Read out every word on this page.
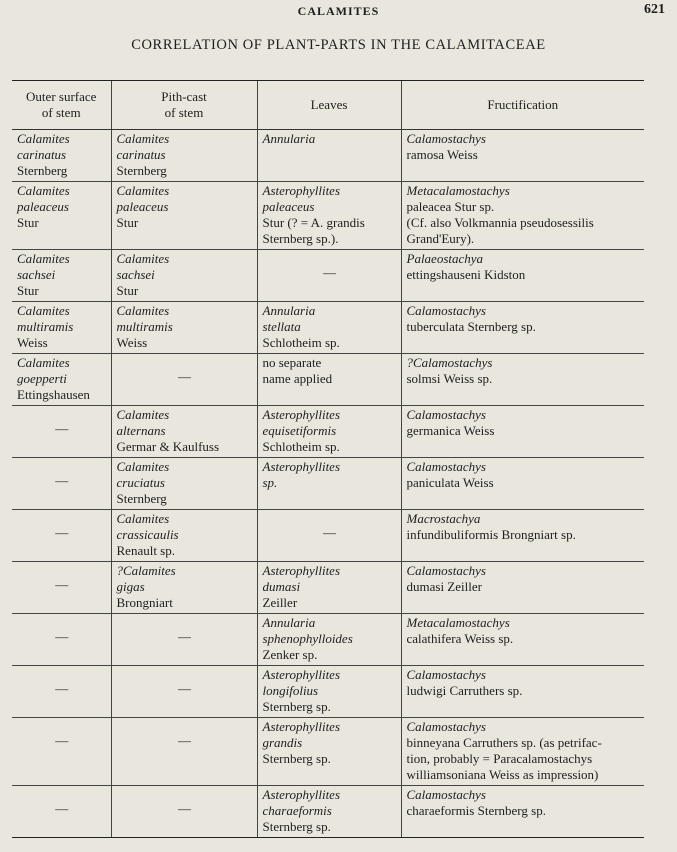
CALAMITES	621
CORRELATION OF PLANT-PARTS IN THE CALAMITACEAE
Outer surface
of stem	Pith-cast
of stem	Leaves	Fructification

Calamites
carinatus
Sternberg	Calamites
carinatus
Sternberg	Annularia	Calamostachys
ramosa Weiss

Calamites
paleaceus
Stur	Calamites
paleaceus
Stur	Asterophyllites
paleaceus
Stur (? = A. grandis
Sternberg sp.).	Metacalamostachys
paleacea Stur sp.
(Cf. also Volkmannia pseudosessilis
Grand'Eury).

Calamites
sachsei
Stur	Calamites
sachsei
Stur	—	Palaeostachya
ettingshauseni Kidston

Calamites
multiramis
Weiss	Calamites
multiramis
Weiss	Annularia
stellata
Schlotheim sp.	Calamostachys
tuberculata Sternberg sp.

Calamites
goepperti
Ettingshausen	—	no separate
name applied	?Calamostachys
solmsi Weiss sp.

—	Calamites
alternans
Germar & Kaulfuss	Asterophyllites
equisetiformis
Schlotheim sp.	Calamostachys
germanica Weiss

—	Calamites
cruciatus
Sternberg	Asterophyllites
sp.	Calamostachys
paniculata Weiss

—	Calamites
crassicaulis
Renault sp.	—	Macrostachya
infundibuliformis Brongniart sp.

—	?Calamites
gigas
Brongniart	Asterophyllites
dumasi
Zeiller	Calamostachys
dumasi Zeiller

—	—	Annularia
sphenophylloides
Zenker sp.	Metacalamostachys
calathifera Weiss sp.

—	—	Asterophyllites
longifolius
Sternberg sp.	Calamostachys
ludwigi Carruthers sp.

—	—	Asterophyllites
grandis
Sternberg sp.	Calamostachys
binneyana Carruthers sp. (as petrifac-
tion, probably = Paracalamostachys
williamsoniana Weiss as impression)

—	—	Asterophyllites
charaeformis
Sternberg sp.	Calamostachys
charaeformis Sternberg sp.
